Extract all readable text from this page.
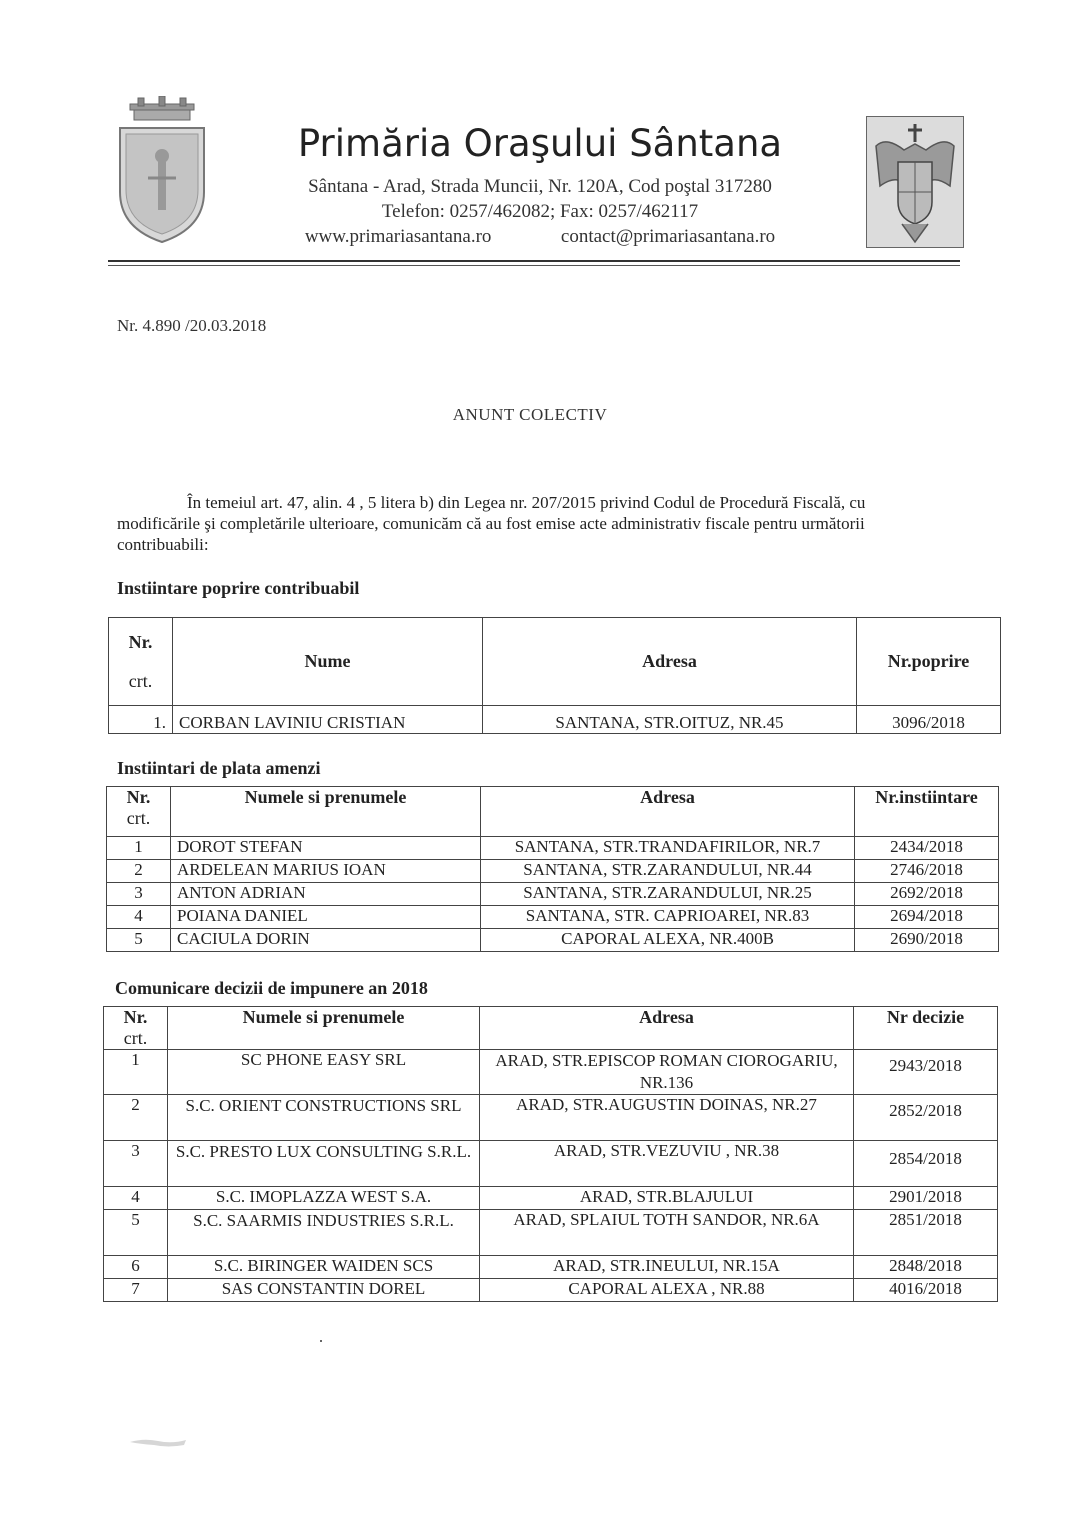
Primăria Oraşului Sântana
Sântana - Arad, Strada Muncii, Nr. 120A, Cod poştal 317280
Telefon: 0257/462082; Fax: 0257/462117
www.primariasantana.ro	contact@primariasantana.ro
Nr. 4.890 /20.03.2018
ANUNT COLECTIV
În temeiul art. 47, alin. 4 , 5 litera b) din Legea nr. 207/2015 privind Codul de Procedură Fiscală, cu modificările şi completările ulterioare, comunicăm că au fost emise acte administrativ fiscale pentru următorii contribuabili:
Instiintare poprire contribuabil
Nr.
crt.	Nume	Adresa	Nr.poprire
1.	CORBAN LAVINIU CRISTIAN	SANTANA, STR.OITUZ, NR.45	3096/2018
Instiintari de plata amenzi
Nr.
crt.	Numele si prenumele	Adresa	Nr.instiintare
1	DOROT STEFAN	SANTANA, STR.TRANDAFIRILOR, NR.7	2434/2018
2	ARDELEAN MARIUS IOAN	SANTANA, STR.ZARANDULUI, NR.44	2746/2018
3	ANTON ADRIAN	SANTANA, STR.ZARANDULUI, NR.25	2692/2018
4	POIANA DANIEL	SANTANA, STR. CAPRIOAREI, NR.83	2694/2018
5	CACIULA DORIN	CAPORAL ALEXA, NR.400B	2690/2018
Comunicare decizii de impunere an 2018
Nr.
crt.	Numele si prenumele	Adresa	Nr decizie
1	SC PHONE EASY SRL	ARAD, STR.EPISCOP ROMAN CIOROGARIU, NR.136	2943/2018
2	S.C. ORIENT CONSTRUCTIONS SRL	ARAD, STR.AUGUSTIN DOINAS, NR.27	2852/2018
3	S.C. PRESTO LUX CONSULTING S.R.L.	ARAD, STR.VEZUVIU , NR.38	2854/2018
4	S.C. IMOPLAZZA WEST S.A.	ARAD, STR.BLAJULUI	2901/2018
5	S.C. SAARMIS INDUSTRIES S.R.L.	ARAD, SPLAIUL TOTH SANDOR, NR.6A	2851/2018
6	S.C. BIRINGER WAIDEN SCS	ARAD, STR.INEULUI, NR.15A	2848/2018
7	SAS CONSTANTIN DOREL	CAPORAL ALEXA , NR.88	4016/2018
